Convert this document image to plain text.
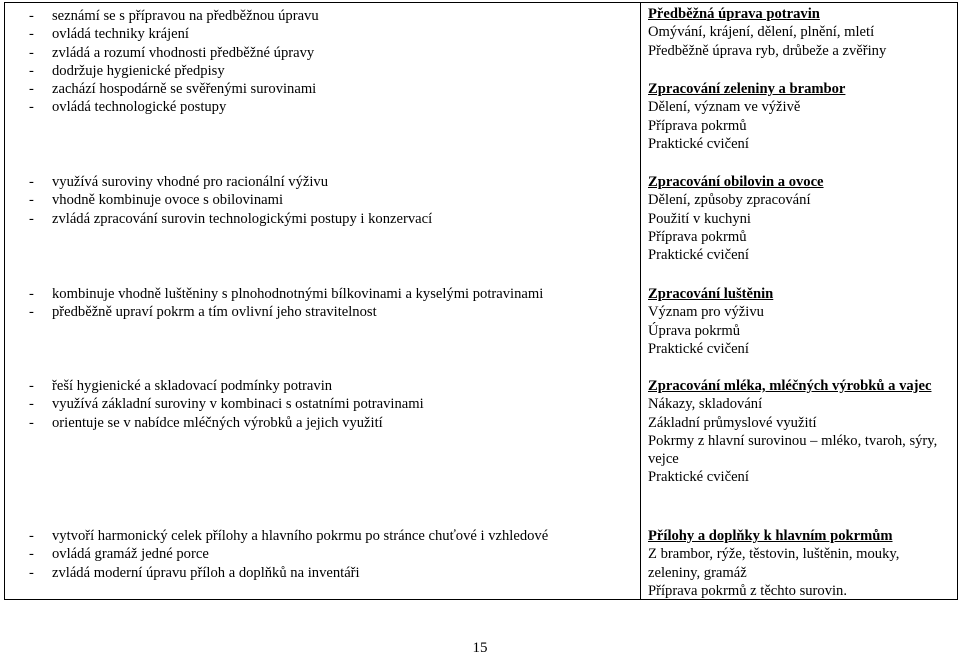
- seznámí se s přípravou na předběžnou úpravu
- ovládá techniky krájení
- zvládá a rozumí vhodnosti předběžné úpravy
- dodržuje hygienické předpisy
- zachází hospodárně se svěřenými surovinami
- ovládá technologické postupy
- využívá suroviny vhodné pro racionální výživu
- vhodně kombinuje ovoce s obilovinami
- zvládá zpracování surovin technologickými postupy i konzervací
- kombinuje vhodně luštěniny s plnohodnotnými bílkovinami a kyselými potravinami
- předběžně upraví pokrm a tím ovlivní jeho stravitelnost
- řeší hygienické a skladovací podmínky potravin
- využívá základní suroviny v kombinaci s ostatními potravinami
- orientuje se v nabídce mléčných výrobků a jejich využití
- vytvoří harmonický celek přílohy a hlavního pokrmu po stránce chuťové i vzhledové
- ovládá gramáž jedné porce
- zvládá moderní úpravu příloh a doplňků na inventáři
Předběžná úprava potravin
Omývání, krájení, dělení, plnění, mletí
Předběžně úprava ryb, drůbeže a zvěřiny
Zpracování zeleniny a brambor
Dělení, význam ve výživě
Příprava pokrmů
Praktické cvičení
Zpracování obilovin a ovoce
Dělení, způsoby zpracování
Použití v kuchyni
Příprava pokrmů
Praktické cvičení
Zpracování luštěnin
Význam pro výživu
Úprava pokrmů
Praktické cvičení
Zpracování mléka, mléčných výrobků a vajec
Nákazy, skladování
Základní průmyslové využití
Pokrmy z hlavní surovinou – mléko, tvaroh, sýry, vejce
Praktické cvičení
Přílohy a doplňky k hlavním pokrmům
Z brambor, rýže, těstovin, luštěnin, mouky, zeleniny, gramáž
Příprava pokrmů z těchto surovin.
15
